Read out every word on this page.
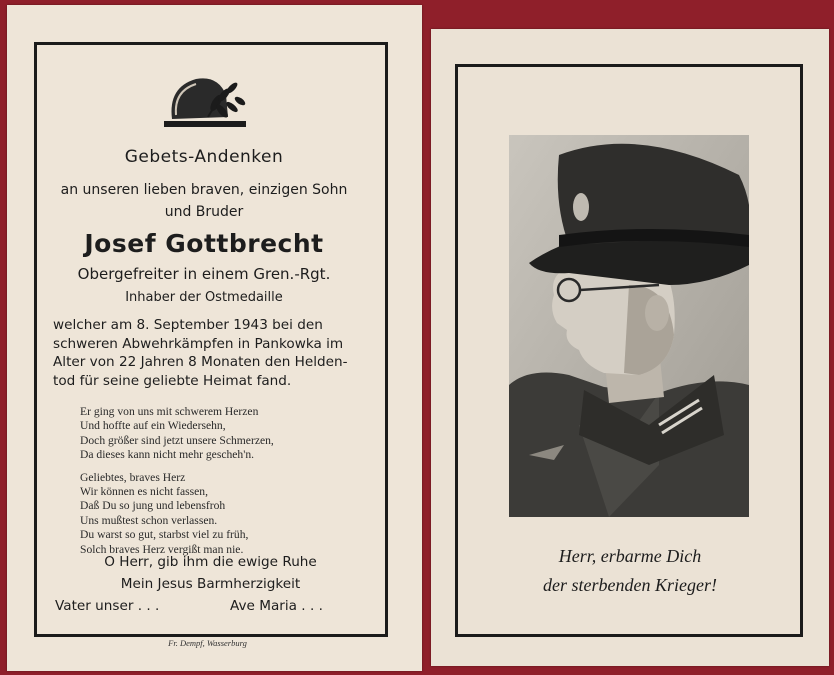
Gebets-Andenken
an unseren lieben braven, einzigen Sohn
und Bruder
Josef Gottbrecht
Obergefreiter in einem Gren.-Rgt.
Inhaber der Ostmedaille
welcher am 8. September 1943 bei den
schweren Abwehrkämpfen in Pankowka im
Alter von 22 Jahren 8 Monaten den Helden-
tod für seine geliebte Heimat fand.
Er ging von uns mit schwerem Herzen
Und hoffte auf ein Wiedersehn,
Doch größer sind jetzt unsere Schmerzen,
Da dieses kann nicht mehr gescheh'n.
Geliebtes, braves Herz
Wir können es nicht fassen,
Daß Du so jung und lebensfroh
Uns mußtest schon verlassen.
Du warst so gut, starbst viel zu früh,
Solch braves Herz vergißt man nie.
O Herr, gib ihm die ewige Ruhe
Mein Jesus Barmherzigkeit
Vater unser . . .	Ave Maria . . .
Fr. Dempf, Wasserburg
Herr, erbarme Dich
der sterbenden Krieger!
